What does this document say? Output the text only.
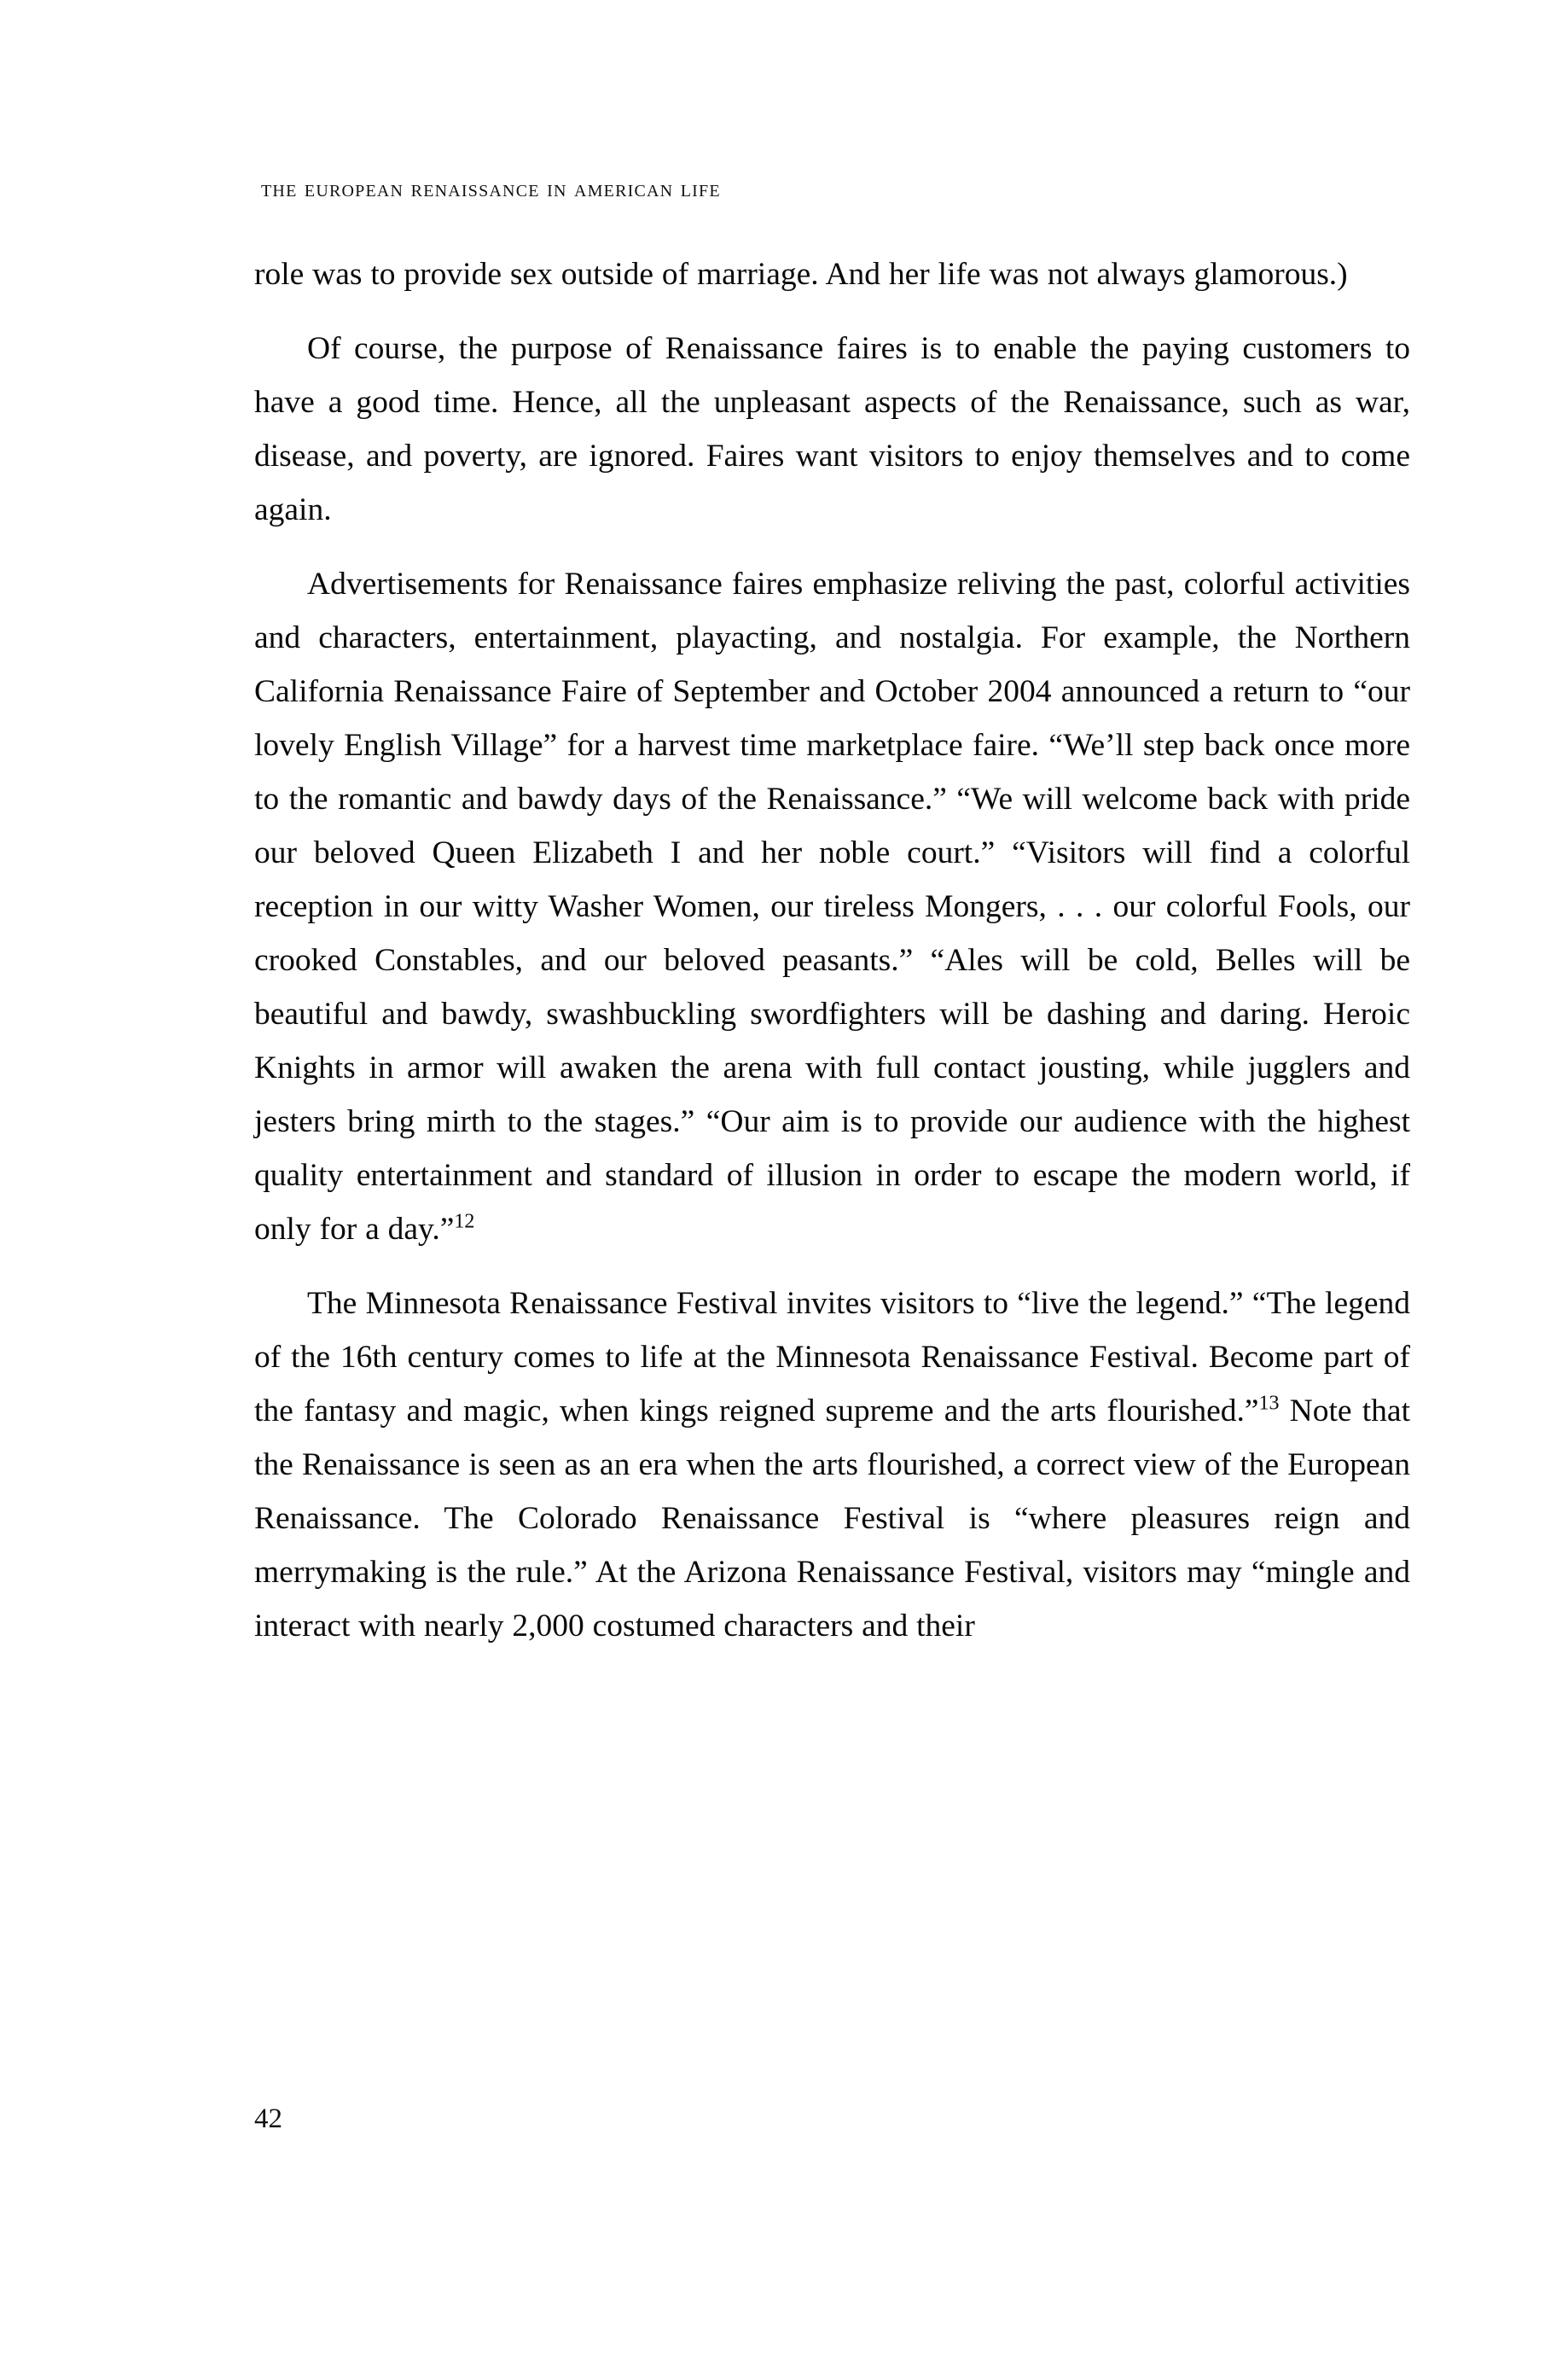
the european renaissance in american life

role was to provide sex outside of marriage. And her life was not always glamorous.)

Of course, the purpose of Renaissance faires is to enable the paying customers to have a good time. Hence, all the unpleasant aspects of the Renaissance, such as war, disease, and poverty, are ignored. Faires want visitors to enjoy themselves and to come again.

Advertisements for Renaissance faires emphasize reliving the past, colorful activities and characters, entertainment, playacting, and nostalgia. For example, the Northern California Renaissance Faire of September and October 2004 announced a return to “our lovely English Village” for a harvest time marketplace faire. “We’ll step back once more to the romantic and bawdy days of the Renaissance.” “We will welcome back with pride our beloved Queen Elizabeth I and her noble court.” “Visitors will find a colorful reception in our witty Washer Women, our tireless Mongers, . . . our colorful Fools, our crooked Constables, and our beloved peasants.” “Ales will be cold, Belles will be beautiful and bawdy, swashbuckling swordfighters will be dashing and daring. Heroic Knights in armor will awaken the arena with full contact jousting, while jugglers and jesters bring mirth to the stages.” “Our aim is to provide our audience with the highest quality entertainment and standard of illusion in order to escape the modern world, if only for a day.”$^{12}$

The Minnesota Renaissance Festival invites visitors to “live the legend.” “The legend of the 16th century comes to life at the Minnesota Renaissance Festival. Become part of the fantasy and magic, when kings reigned supreme and the arts flourished.”$^{13}$ Note that the Renaissance is seen as an era when the arts flourished, a correct view of the European Renaissance. The Colorado Renaissance Festival is “where pleasures reign and merrymaking is the rule.” At the Arizona Renaissance Festival, visitors may “mingle and interact with nearly 2,000 costumed characters and their

42
